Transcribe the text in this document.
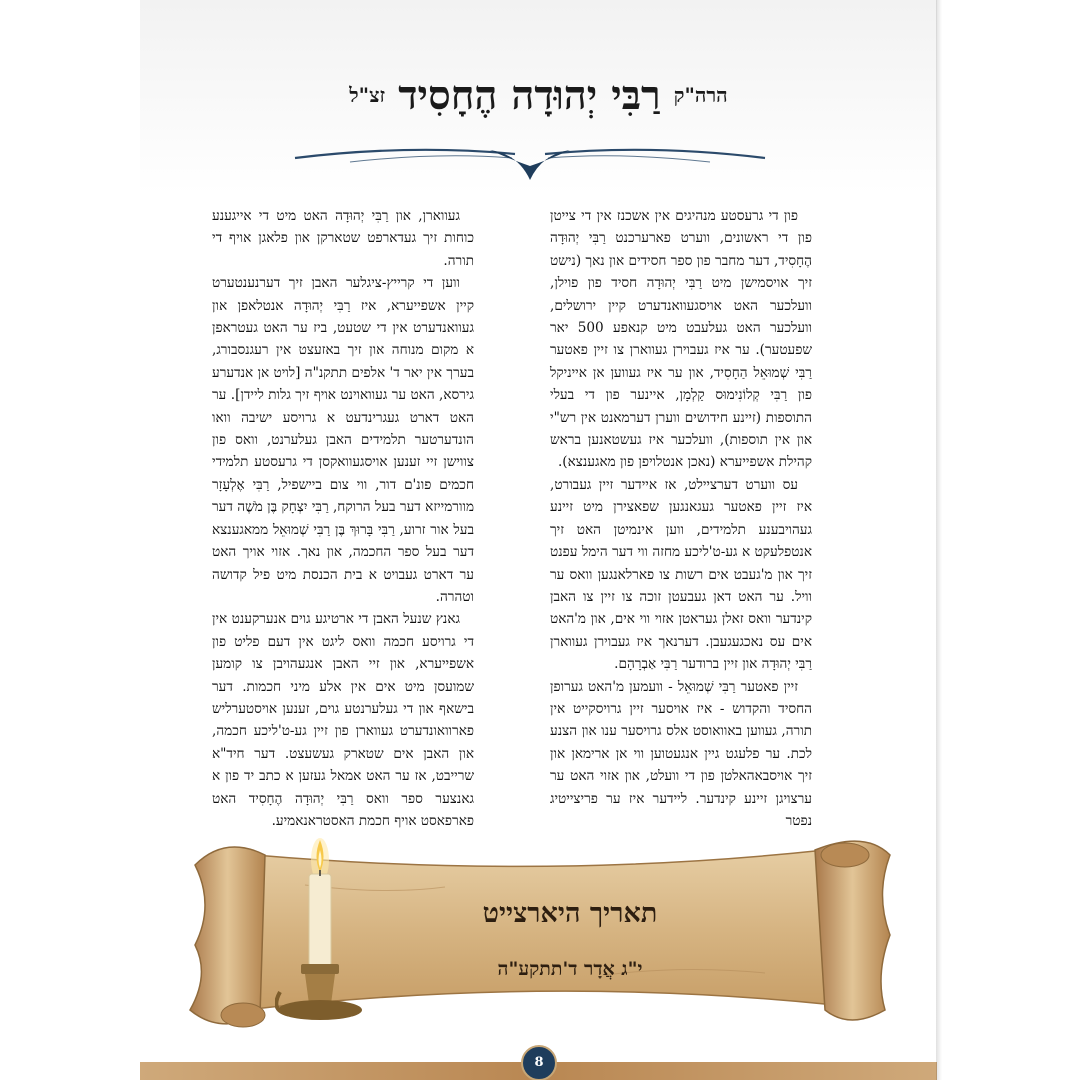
הרה"ק רַבִּי יְהוּדָה הֶחָסִיד זצ"ל

פון די גרעסטע מנהיגים אין אשכנז אין די צייטן פון די ראשונים, ווערט פארערכנט רַבִּי יְהוּדָה הֶחָסִיד, דער מחבר פון ספר חסידים און נאך (נישט זיך אויסמישן מיט רַבִּי יְהוּדָה חסיד פון פוילן, וועלכער האט אויסגעוואנדערט קיין ירושלים, וועלכער האט געלעבט מיט קנאפע 500 יאר שפעטער). ער איז געבוירן געווארן צו זיין פאטער רַבִּי שְׁמוּאֵל הַחָסִיד, און ער איז געווען אן אייניקל פון רַבִּי קְלוֹנִימוּס קַלְמָן, איינער פון די בעלי התוספות (זיינע חידושים ווערן דערמאנט אין רש"י און אין תוספות), וועלכער איז געשטאנען בראש קהילת אשפייערא (נאכן אנטלויפן פון מאגענצא).

עס ווערט דערציילט, אז איידער זיין געבורט, איז זיין פאטער געגאנגען שפאצירן מיט זיינע געהויבענע תלמידים, ווען אינמיטן האט זיך אנטפלעקט א גע-ט'ליכע מחזה ווי דער הימל עפנט זיך און מ'געבט אים רשות צו פארלאנגען וואס ער וויל. ער האט דאן געבעטן זוכה צו זיין צו האבן קינדער וואס זאלן געראטן אזוי ווי אים, און מ'האט אים עס נאכגעגעבן. דערנאך איז געבוירן געווארן רַבִּי יְהוּדָה און זיין ברודער רַבִּי אַבְרָהָם.

זיין פאטער רַבִּי שְׁמוּאֵל - וועמען מ'האט גערופן החסיד והקדוש - איז אויסער זיין גרויסקייט אין תורה, געווען באוואוסט אלס גרויסער ענו און הצנע לכת. ער פלעגט גיין אנגעטוען ווי אן ארימאן און זיך אויסבאהאלטן פון די וועלט, און אזוי האט ער ערצויגן זיינע קינדער. ליידער איז ער פריצייטיג נפטר

געווארן, און רַבִּי יְהוּדָה האט מיט די אייגענע כוחות זיך געדארפט שטארקן און פלאגן אויף די תורה.

ווען די קרייץ-ציגלער האבן זיך דערנענטערט קיין אשפייערא, איז רַבִּי יְהוּדָה אנטלאפן און געוואנדערט אין די שטעט, ביז ער האט געטראפן א מקום מנוחה און זיך באזעצט אין רעגנסבורג, בערך אין יאר ד' אלפים תתקנ"ה [לויט אן אנדערע גירסא, האט ער געוואוינט אויף זיך גלות ליידן]. ער האט דארט געגרינדעט א גרויסע ישיבה וואו הונדערטער תלמידים האבן געלערנט, וואס פון צווישן זיי זענען אויסגעוואקסן די גרעסטע תלמידי חכמים פונ'ם דור, ווי צום ביישפיל, רַבִּי אֶלְעָזָר מוורמייזא דער בעל הרוקח, רַבִּי יִצְחָק בֶּן מֹשֶׁה דער בעל אור זרוע, רַבִּי בָּרוּךְ בֶּן רַבִּי שְׁמוּאֵל ממאגענצא דער בעל ספר החכמה, און נאך. אזוי אויך האט ער דארט געבויט א בית הכנסת מיט פיל קדושה וטהרה.

גאנץ שנעל האבן די ארטיגע גוים אנערקענט אין די גרויסע חכמה וואס ליגט אין דעם פליט פון אשפייערא, און זיי האבן אנגעהויבן צו קומען שמועסן מיט אים אין אלע מיני חכמות. דער בישאף און די געלערנטע גוים, זענען אויסטערליש פארוואונדערט געווארן פון זיין גע-ט'ליכע חכמה, און האבן אים שטארק געשעצט. דער חיד"א שרייבט, אז ער האט אמאל געזען א כתב יד פון א גאנצער ספר וואס רַבִּי יְהוּדָה הֶחָסִיד האט פארפאסט אויף חכמת האסטראנאמיע.

תאריך היארצייט
י"ג אֲדָר ד'תתקע"ה
8
